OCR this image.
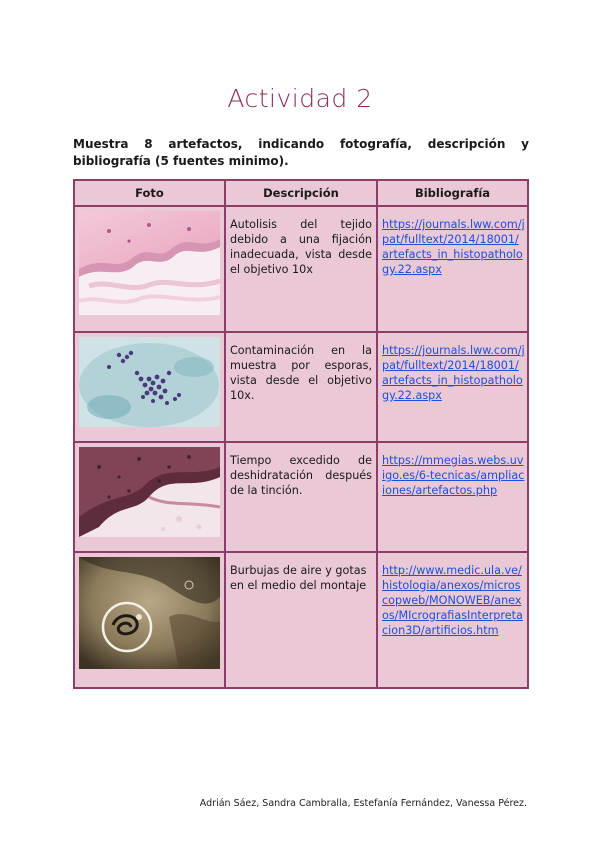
Actividad 2
Muestra 8 artefactos, indicando fotografía, descripción y bibliografía (5 fuentes minimo).
Foto	Descripción	Bibliografía

	Autolisis del tejido debido a una fijación inadecuada, vista desde el objetivo 10x	https://journals.lww.com/jpat/fulltext/2014/18001/artefacts_in_histopathology.22.aspx

	Contaminación en la muestra por esporas, vista desde el objetivo 10x.	https://journals.lww.com/jpat/fulltext/2014/18001/artefacts_in_histopathology.22.aspx

	Tiempo excedido de deshidratación después de la tinción.	https://mmegias.webs.uvigo.es/6-tecnicas/ampliaciones/artefactos.php

	Burbujas de aire y gotas en el medio del montaje	http://www.medic.ula.ve/histologia/anexos/microscopweb/MONOWEB/anexos/MIcrografiasInterpretacion3D/artificios.htm
Adrián Sáez, Sandra Cambralla, Estefanía Fernández, Vanessa Pérez.
